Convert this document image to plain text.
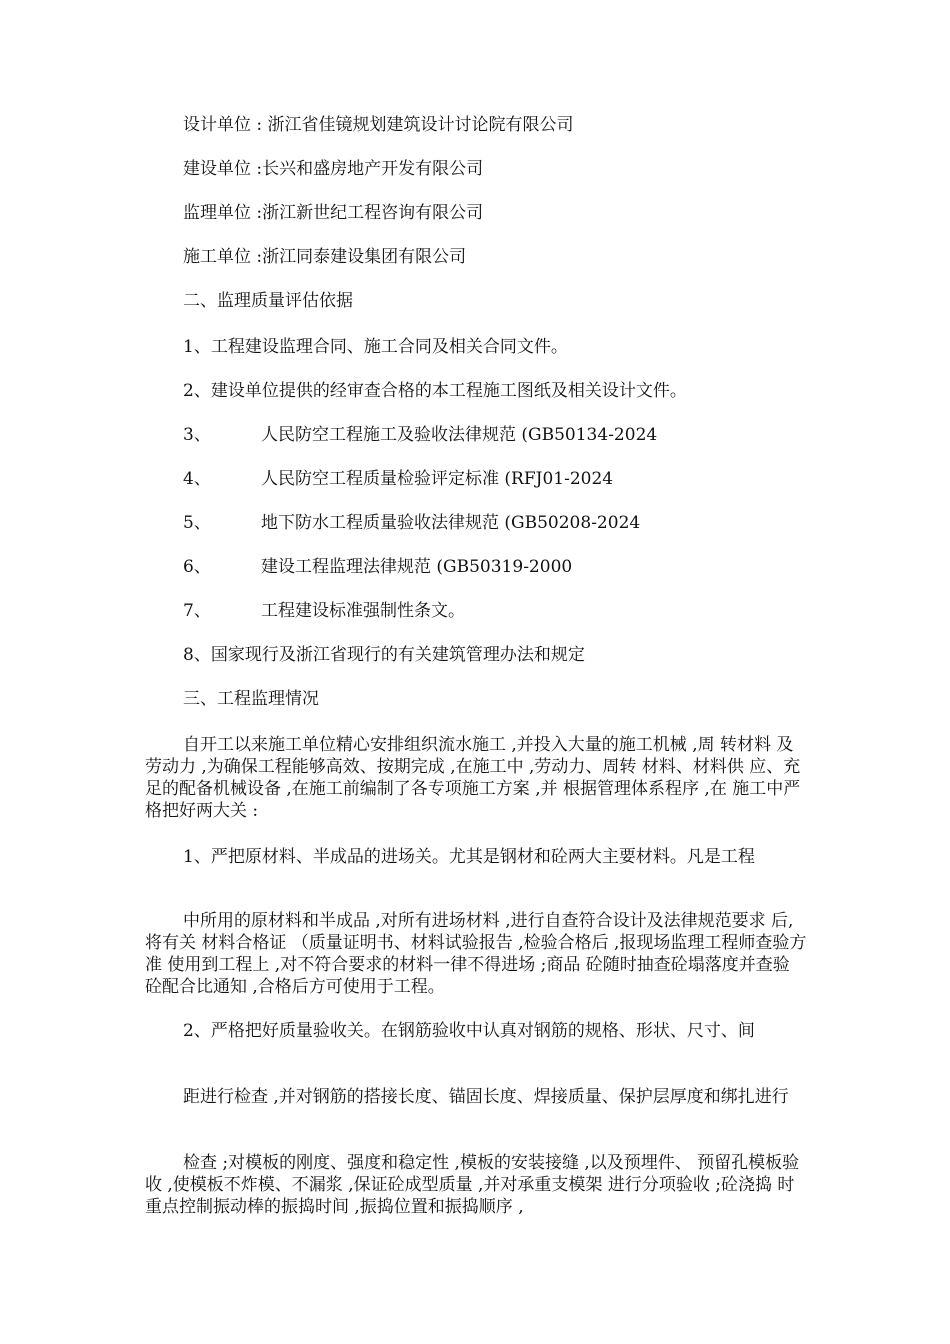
设计单位 : 浙江省佳镜规划建筑设计讨论院有限公司
建设单位 :长兴和盛房地产开发有限公司
监理单位 :浙江新世纪工程咨询有限公司
施工单位 :浙江同泰建设集团有限公司
二、监理质量评估依据
1、工程建设监理合同、施工合同及相关合同文件。
2、建设单位提供的经审查合格的本工程施工图纸及相关设计文件。
3、	人民防空工程施工及验收法律规范 (GB50134-2024
4、	人民防空工程质量检验评定标准 (RFJ01-2024
5、	地下防水工程质量验收法律规范 (GB50208-2024
6、	建设工程监理法律规范 (GB50319-2000
7、	工程建设标准强制性条文。
8、国家现行及浙江省现行的有关建筑管理办法和规定
三、工程监理情况
自开工以来施工单位精心安排组织流水施工 ,并投入大量的施工机械 ,周 转材料 及劳动力 ,为确保工程能够高效、按期完成 ,在施工中 ,劳动力、周转 材料、材料供 应、充足的配备机械设备 ,在施工前编制了各专项施工方案 ,并 根据管理体系程序 ,在 施工中严格把好两大关 :
1、严把原材料、半成品的进场关。尤其是钢材和砼两大主要材料。凡是工程
中所用的原材料和半成品 ,对所有进场材料 ,进行自查符合设计及法律规范要求 后,将有关 材料合格证 （质量证明书、材料试验报告 ,检验合格后 ,报现场监理工程师查验方准 使用到工程上 ,对不符合要求的材料一律不得进场 ;商品 砼随时抽查砼塌落度并查验 砼配合比通知 ,合格后方可使用于工程。
2、严格把好质量验收关。在钢筋验收中认真对钢筋的规格、形状、尺寸、间
距进行检查 ,并对钢筋的搭接长度、锚固长度、焊接质量、保护层厚度和绑扎进行
检查 ;对模板的刚度、强度和稳定性 ,模板的安装接缝 ,以及预埋件、 预留孔模板验 收 ,使模板不炸模、不漏浆 ,保证砼成型质量 ,并对承重支模架 进行分项验收 ;砼浇捣 时重点控制振动棒的振捣时间 ,振捣位置和振捣顺序 ,
